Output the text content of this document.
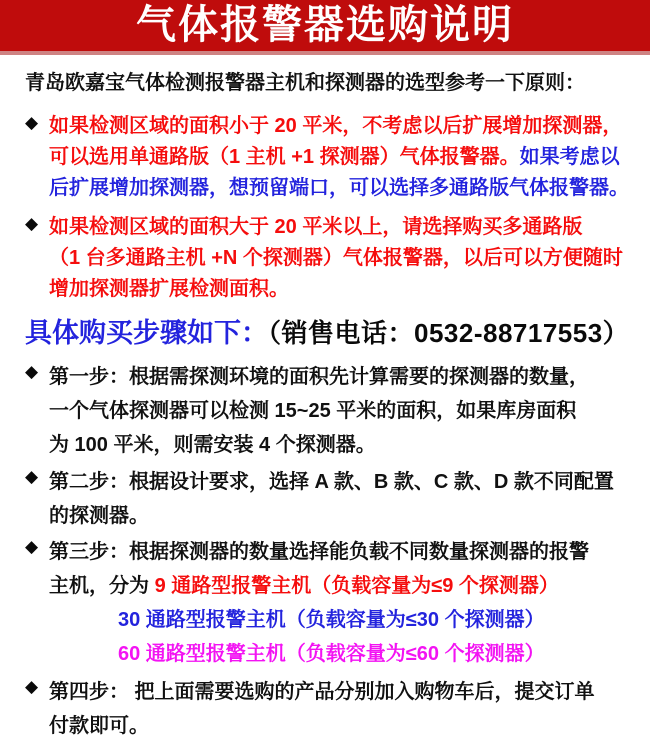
气体报警器选购说明
青岛欧嘉宝气体检测报警器主机和探测器的选型参考一下原则：
◆ 如果检测区域的面积小于 20 平米，不考虑以后扩展增加探测器，
可以选用单通路版（1 主机 +1 探测器）气体报警器。如果考虑以
后扩展增加探测器，想预留端口，可以选择多通路版气体报警器。
◆ 如果检测区域的面积大于 20 平米以上，请选择购买多通路版
（1 台多通路主机 +N 个探测器）气体报警器，以后可以方便随时
增加探测器扩展检测面积。
具体购买步骤如下：（销售电话：0532-88717553）
◆ 第一步：根据需探测环境的面积先计算需要的探测器的数量，
一个气体探测器可以检测 15~25 平米的面积，如果库房面积
为 100 平米，则需安装 4 个探测器。
◆ 第二步：根据设计要求，选择 A 款、B 款、C 款、D 款不同配置
的探测器。
◆ 第三步：根据探测器的数量选择能负载不同数量探测器的报警
主机，分为 9 通路型报警主机（负载容量为≤9 个探测器）
30 通路型报警主机（负载容量为≤30 个探测器）
60 通路型报警主机（负载容量为≤60 个探测器）
◆ 第四步： 把上面需要选购的产品分别加入购物车后，提交订单
付款即可。
